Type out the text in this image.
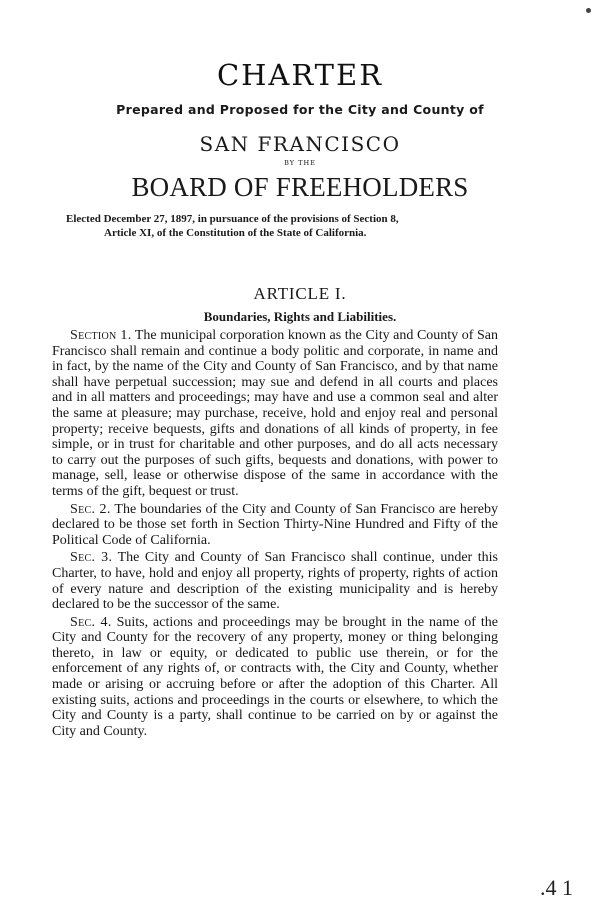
CHARTER
Prepared and Proposed for the City and County of
SAN FRANCISCO
BY THE
BOARD OF FREEHOLDERS
Elected December 27, 1897, in pursuance of the provisions of Section 8,
Article XI, of the Constitution of the State of California.
ARTICLE I.
Boundaries, Rights and Liabilities.

Section 1. The municipal corporation known as the City and County of San Francisco shall remain and continue a body politic and corporate, in name and in fact, by the name of the City and County of San Francisco, and by that name shall have perpetual succession; may sue and defend in all courts and places and in all matters and proceedings; may have and use a common seal and alter the same at pleasure; may purchase, receive, hold and enjoy real and personal property; receive bequests, gifts and donations of all kinds of property, in fee simple, or in trust for charitable and other purposes, and do all acts necessary to carry out the purposes of such gifts, bequests and donations, with power to manage, sell, lease or otherwise dispose of the same in accordance with the terms of the gift, bequest or trust.

Sec. 2. The boundaries of the City and County of San Francisco are hereby declared to be those set forth in Section Thirty-Nine Hundred and Fifty of the Political Code of California.

Sec. 3. The City and County of San Francisco shall continue, under this Charter, to have, hold and enjoy all property, rights of property, rights of action of every nature and description of the existing municipality and is hereby declared to be the successor of the same.

Sec. 4. Suits, actions and proceedings may be brought in the name of the City and County for the recovery of any property, money or thing belonging thereto, in law or equity, or dedicated to public use therein, or for the enforcement of any rights of, or contracts with, the City and County, whether made or arising or accruing before or after the adoption of this Charter. All existing suits, actions and proceedings in the courts or elsewhere, to which the City and County is a party, shall continue to be carried on by or against the City and County.

.4 1
